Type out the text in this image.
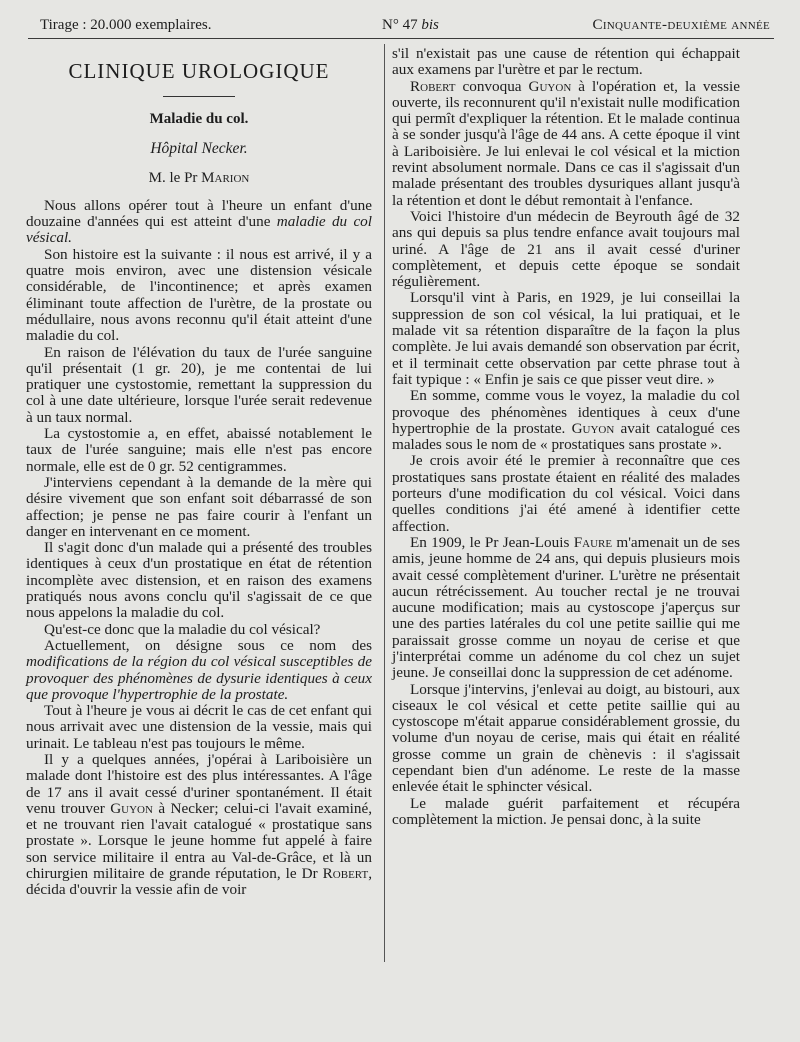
Tirage : 20.000 exemplaires.	N° 47 bis	Cinquante-deuxième année
CLINIQUE UROLOGIQUE
Maladie du col.
Hôpital Necker.
M. le Pr Marion

Nous allons opérer tout à l'heure un enfant d'une douzaine d'années qui est atteint d'une maladie du col vésical.

Son histoire est la suivante : il nous est arrivé, il y a quatre mois environ, avec une distension vésicale considérable, de l'incontinence; et après examen éliminant toute affection de l'urètre, de la prostate ou médullaire, nous avons reconnu qu'il était atteint d'une maladie du col.

En raison de l'élévation du taux de l'urée sanguine qu'il présentait (1 gr. 20), je me contentai de lui pratiquer une cystostomie, remettant la suppression du col à une date ultérieure, lorsque l'urée serait redevenue à un taux normal.

La cystostomie a, en effet, abaissé notablement le taux de l'urée sanguine; mais elle n'est pas encore normale, elle est de 0 gr. 52 centigrammes.

J'interviens cependant à la demande de la mère qui désire vivement que son enfant soit débarrassé de son affection; je pense ne pas faire courir à l'enfant un danger en intervenant en ce moment.

Il s'agit donc d'un malade qui a présenté des troubles identiques à ceux d'un prostatique en état de rétention incomplète avec distension, et en raison des examens pratiqués nous avons conclu qu'il s'agissait de ce que nous appelons la maladie du col.

Qu'est-ce donc que la maladie du col vésical?

Actuellement, on désigne sous ce nom des modifications de la région du col vésical susceptibles de provoquer des phénomènes de dysurie identiques à ceux que provoque l'hypertrophie de la prostate.

Tout à l'heure je vous ai décrit le cas de cet enfant qui nous arrivait avec une distension de la vessie, mais qui urinait. Le tableau n'est pas toujours le même.

Il y a quelques années, j'opérai à Lariboisière un malade dont l'histoire est des plus intéressantes. A l'âge de 17 ans il avait cessé d'uriner spontanément. Il était venu trouver Guyon à Necker; celui-ci l'avait examiné, et ne trouvant rien l'avait catalogué « prostatique sans prostate ». Lorsque le jeune homme fut appelé à faire son service militaire il entra au Val-de-Grâce, et là un chirurgien militaire de grande réputation, le Dr Robert, décida d'ouvrir la vessie afin de voir

s'il n'existait pas une cause de rétention qui échappait aux examens par l'urètre et par le rectum.

Robert convoqua Guyon à l'opération et, la vessie ouverte, ils reconnurent qu'il n'existait nulle modification qui permît d'expliquer la rétention. Et le malade continua à se sonder jusqu'à l'âge de 44 ans. A cette époque il vint à Lariboisière. Je lui enlevai le col vésical et la miction revint absolument normale. Dans ce cas il s'agissait d'un malade présentant des troubles dysuriques allant jusqu'à la rétention et dont le début remontait à l'enfance.

Voici l'histoire d'un médecin de Beyrouth âgé de 32 ans qui depuis sa plus tendre enfance avait toujours mal uriné. A l'âge de 21 ans il avait cessé d'uriner complètement, et depuis cette époque se sondait régulièrement.

Lorsqu'il vint à Paris, en 1929, je lui conseillai la suppression de son col vésical, la lui pratiquai, et le malade vit sa rétention disparaître de la façon la plus complète. Je lui avais demandé son observation par écrit, et il terminait cette observation par cette phrase tout à fait typique : « Enfin je sais ce que pisser veut dire. »

En somme, comme vous le voyez, la maladie du col provoque des phénomènes identiques à ceux d'une hypertrophie de la prostate. Guyon avait catalogué ces malades sous le nom de « prostatiques sans prostate ».

Je crois avoir été le premier à reconnaître que ces prostatiques sans prostate étaient en réalité des malades porteurs d'une modification du col vésical. Voici dans quelles conditions j'ai été amené à identifier cette affection.

En 1909, le Pr Jean-Louis Faure m'amenait un de ses amis, jeune homme de 24 ans, qui depuis plusieurs mois avait cessé complètement d'uriner. L'urètre ne présentait aucun rétrécissement. Au toucher rectal je ne trouvai aucune modification; mais au cystoscope j'aperçus sur une des parties latérales du col une petite saillie qui me paraissait grosse comme un noyau de cerise et que j'interprétai comme un adénome du col chez un sujet jeune. Je conseillai donc la suppression de cet adénome.

Lorsque j'intervins, j'enlevai au doigt, au bistouri, aux ciseaux le col vésical et cette petite saillie qui au cystoscope m'était apparue considérablement grossie, du volume d'un noyau de cerise, mais qui était en réalité grosse comme un grain de chènevis : il s'agissait cependant bien d'un adénome. Le reste de la masse enlevée était le sphincter vésical.

Le malade guérit parfaitement et récupéra complètement la miction. Je pensai donc, à la suite
